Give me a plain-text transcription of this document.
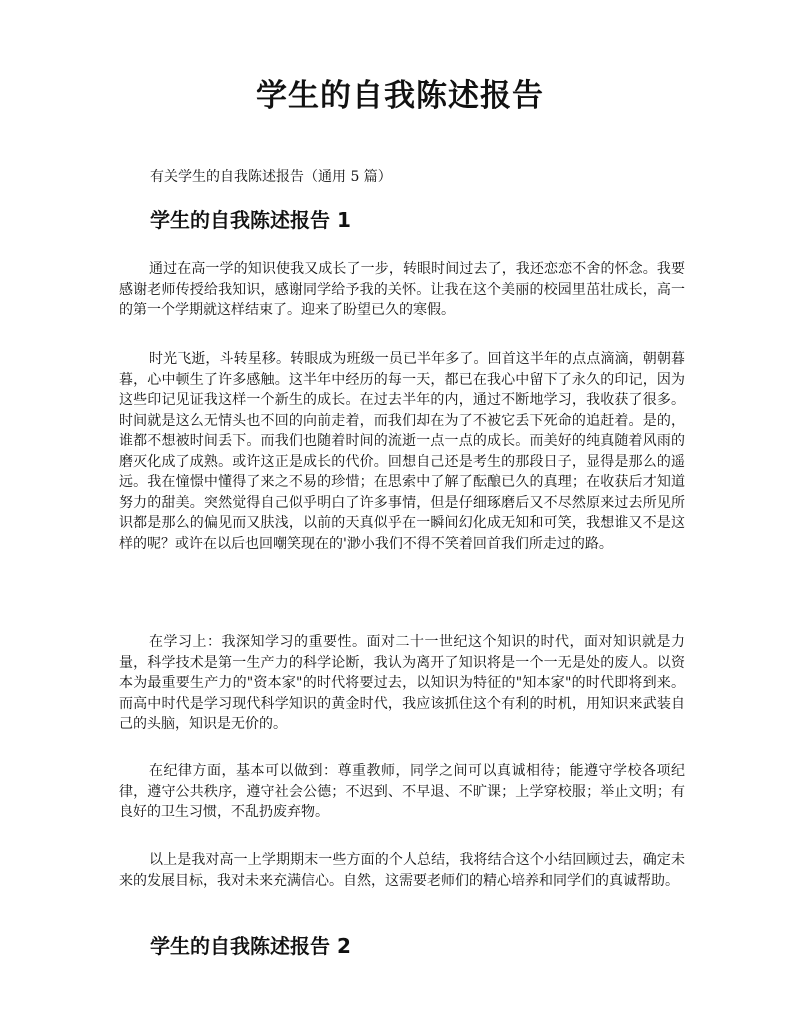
学生的自我陈述报告
有关学生的自我陈述报告（通用 5 篇）
学生的自我陈述报告 1

通过在高一学的知识使我又成长了一步，转眼时间过去了，我还恋恋不舍的怀念。我要感谢老师传授给我知识，感谢同学给予我的关怀。让我在这个美丽的校园里茁壮成长，高一的第一个学期就这样结束了。迎来了盼望已久的寒假。

时光飞逝，斗转星移。转眼成为班级一员已半年多了。回首这半年的点点滴滴，朝朝暮暮，心中顿生了许多感触。这半年中经历的每一天，都已在我心中留下了永久的印记，因为这些印记见证我这样一个新生的成长。在过去半年的内，通过不断地学习，我收获了很多。时间就是这么无情头也不回的向前走着，而我们却在为了不被它丢下死命的追赶着。是的，谁都不想被时间丢下。而我们也随着时间的流逝一点一点的成长。而美好的纯真随着风雨的磨灭化成了成熟。或许这正是成长的代价。回想自己还是考生的那段日子，显得是那么的遥远。我在憧憬中懂得了来之不易的珍惜；在思索中了解了酝酿已久的真理；在收获后才知道努力的甜美。突然觉得自己似乎明白了许多事情，但是仔细琢磨后又不尽然原来过去所见所识都是那么的偏见而又肤浅，以前的天真似乎在一瞬间幻化成无知和可笑，我想谁又不是这样的呢？或许在以后也回嘲笑现在的'渺小我们不得不笑着回首我们所走过的路。

在学习上：我深知学习的重要性。面对二十一世纪这个知识的时代，面对知识就是力量，科学技术是第一生产力的科学论断，我认为离开了知识将是一个一无是处的废人。以资本为最重要生产力的"资本家"的时代将要过去，以知识为特征的"知本家"的时代即将到来。而高中时代是学习现代科学知识的黄金时代，我应该抓住这个有利的时机，用知识来武装自己的头脑，知识是无价的。

在纪律方面，基本可以做到：尊重教师，同学之间可以真诚相待；能遵守学校各项纪律，遵守公共秩序，遵守社会公德；不迟到、不早退、不旷课；上学穿校服；举止文明；有良好的卫生习惯，不乱扔废弃物。

以上是我对高一上学期期末一些方面的个人总结，我将结合这个小结回顾过去，确定未来的发展目标，我对未来充满信心。自然，这需要老师们的精心培养和同学们的真诚帮助。

学生的自我陈述报告 2
